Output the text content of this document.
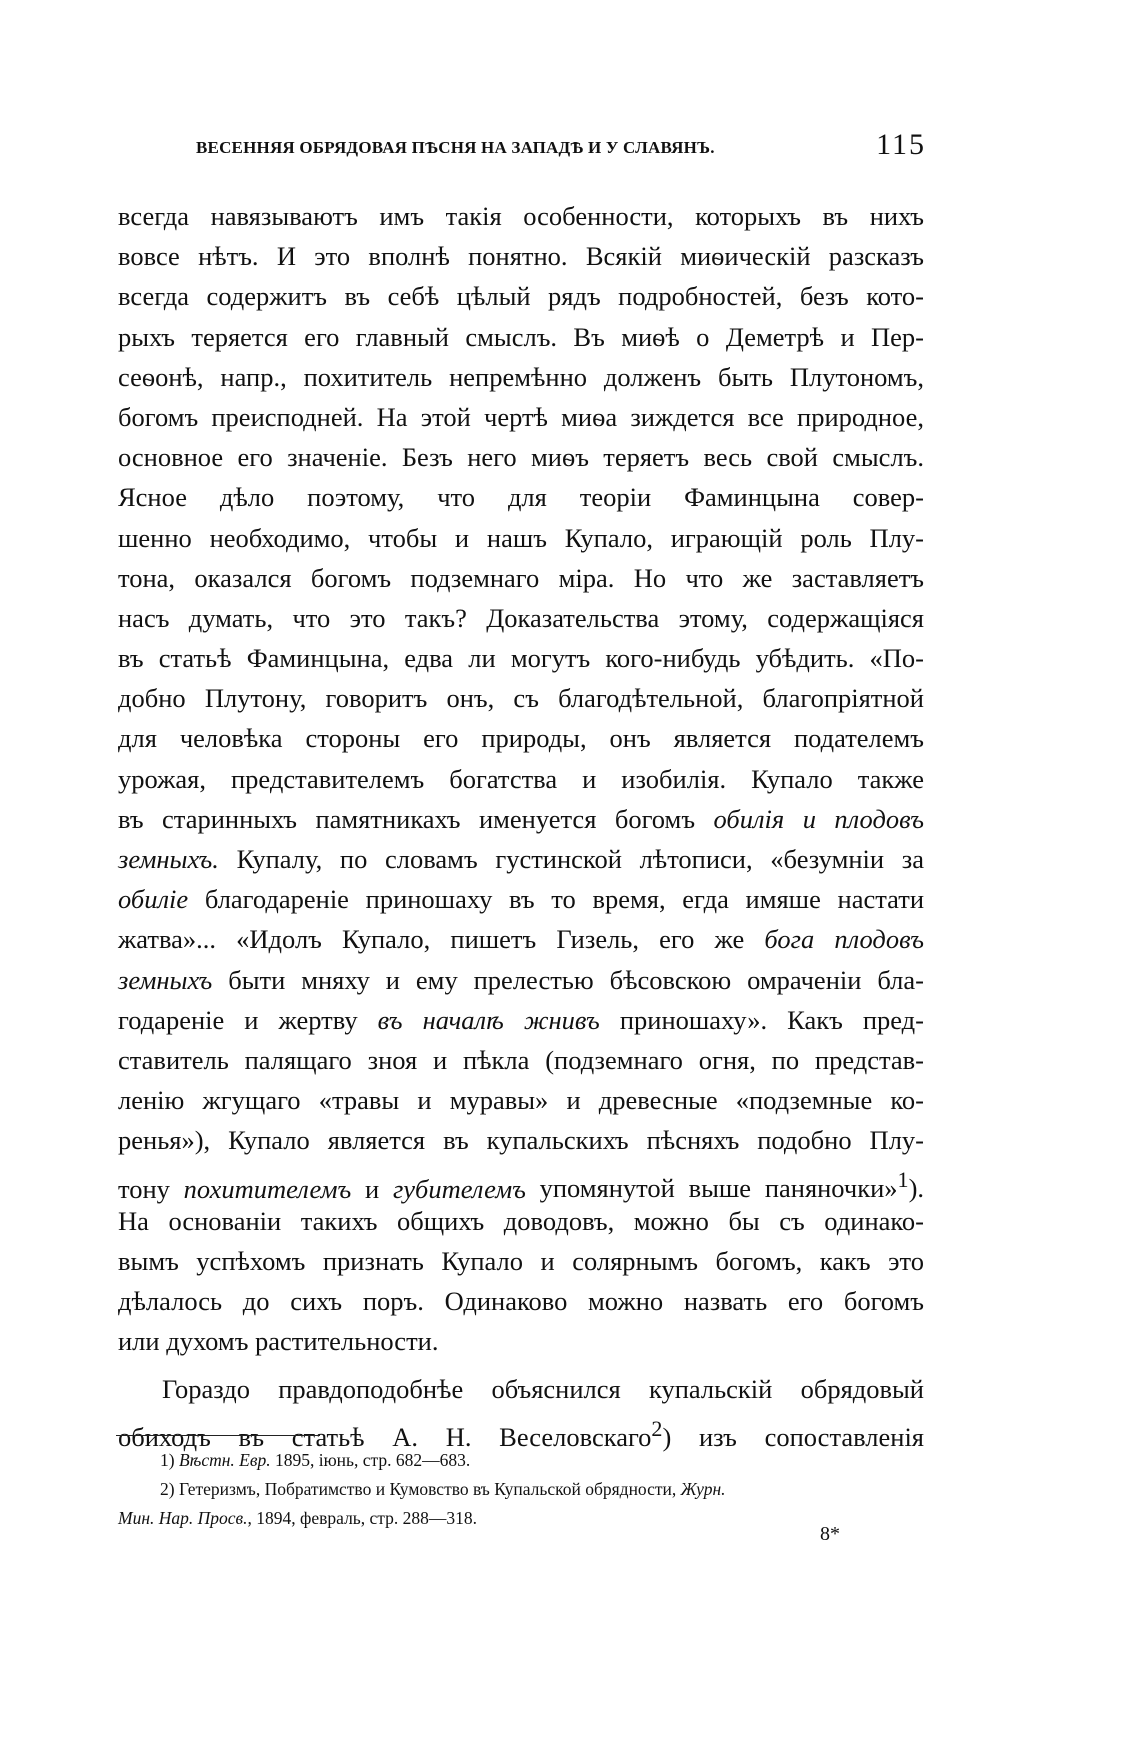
ВЕСЕННЯЯ ОБРЯДОВАЯ ПѢСНЯ НА ЗАПАДѢ И У СЛАВЯНЪ.	115
всегда навязываютъ имъ такія особенности, которыхъ въ нихъ
вовсе нѣтъ. И это вполнѣ понятно. Всякій миѳическій разсказъ
всегда содержитъ въ себѣ цѣлый рядъ подробностей, безъ кото-
рыхъ теряется его главный смыслъ. Въ миѳѣ о Деметрѣ и Пер-
сеѳонѣ, напр., похититель непремѣнно долженъ быть Плутономъ,
богомъ преисподней. На этой чертѣ миѳа зиждется все природное,
основное его значеніе. Безъ него миѳъ теряетъ весь свой смыслъ.
Ясное дѣло поэтому, что для теоріи Фаминцына совер-
шенно необходимо, чтобы и нашъ Купало, играющій роль Плу-
тона, оказался богомъ подземнаго міра. Но что же заставляетъ
насъ думать, что это такъ? Доказательства этому, содержащіяся
въ статьѣ Фаминцына, едва ли могутъ кого-нибудь убѣдить. «По-
добно Плутону, говоритъ онъ, съ благодѣтельной, благопріятной
для человѣка стороны его природы, онъ является подателемъ
урожая, представителемъ богатства и изобилія. Купало также
въ старинныхъ памятникахъ именуется богомъ обилія и плодовъ
земныхъ. Купалу, по словамъ густинской лѣтописи, «безумніи за
обиліе благодареніе приношаху въ то время, егда имяше настати
жатва»... «Идолъ Купало, пишетъ Гизель, его же бога плодовъ
земныхъ быти мняху и ему прелестью бѣсовскою омраченіи бла-
годареніе и жертву въ началѣ жнивъ приношаху». Какъ пред-
ставитель палящаго зноя и пѣкла (подземнаго огня, по представ-
ленію жгущаго «травы и муравы» и древесные «подземные ко-
ренья»), Купало является въ купальскихъ пѣсняхъ подобно Плу-
тону похитителемъ и губителемъ упомянутой выше паняночки»$^1$).
На основаніи такихъ общихъ доводовъ, можно бы съ одинако-
вымъ успѣхомъ признать Купало и солярнымъ богомъ, какъ это
дѣлалось до сихъ поръ. Одинаково можно назвать его богомъ
или духомъ растительности.
Гораздо правдоподобнѣе объяснился купальскій обрядовый
обиходъ въ статьѣ А. Н. Веселовскаго$^2$) изъ сопоставленія
1) Вѣстн. Евр. 1895, іюнь, стр. 682—683.
2) Гетеризмъ, Побратимство и Кумовство въ Купальской обрядности, Журн.
Мин. Нар. Просв., 1894, февраль, стр. 288—318.
8*
